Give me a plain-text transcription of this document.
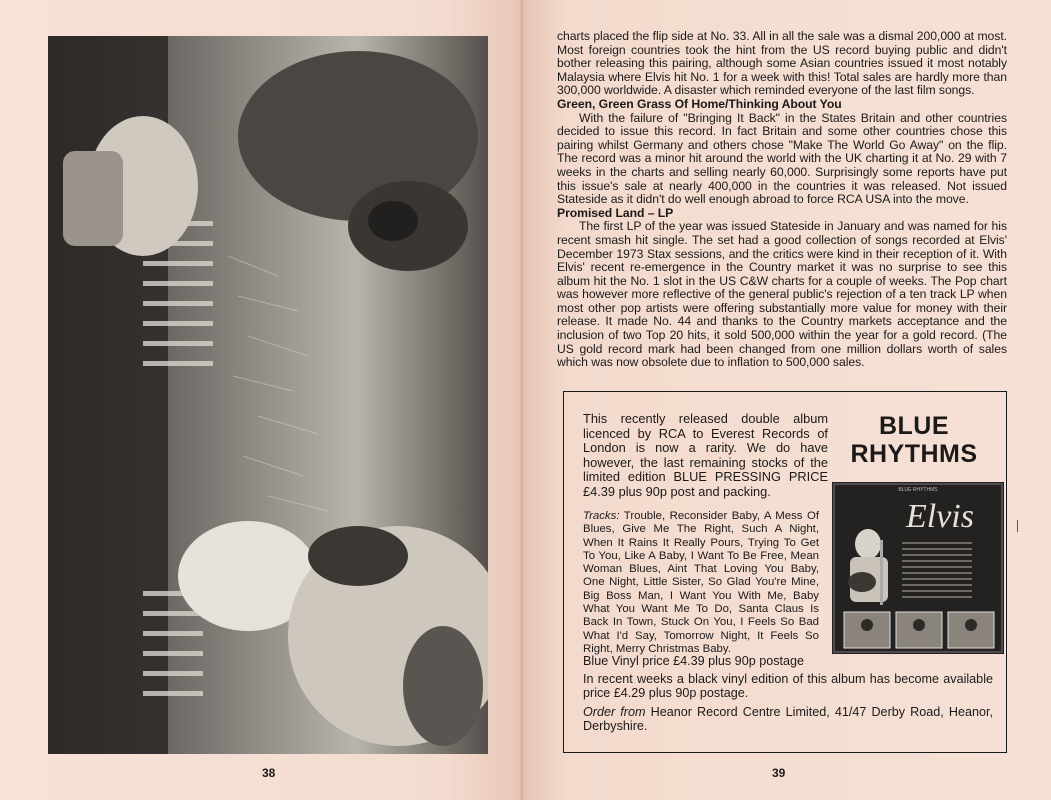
38

charts placed the flip side at No. 33. All in all the sale was a dismal 200,000 at most. Most foreign countries took the hint from the US record buying public and didn't bother releasing this pairing, although some Asian countries issued it most notably Malaysia where Elvis hit No. 1 for a week with this! Total sales are hardly more than 300,000 worldwide. A disaster which reminded everyone of the last film songs.

Green, Green Grass Of Home/Thinking About You

With the failure of "Bringing It Back" in the States Britain and other countries decided to issue this record. In fact Britain and some other countries chose this pairing whilst Germany and others chose "Make The World Go Away" on the flip. The record was a minor hit around the world with the UK charting it at No. 29 with 7 weeks in the charts and selling nearly 60,000. Surprisingly some reports have put this issue's sale at nearly 400,000 in the countries it was released. Not issued Stateside as it didn't do well enough abroad to force RCA USA into the move.

Promised Land – LP

The first LP of the year was issued Stateside in January and was named for his recent smash hit single. The set had a good collection of songs recorded at Elvis' December 1973 Stax sessions, and the critics were kind in their reception of it. With Elvis' recent re-emergence in the Country market it was no surprise to see this album hit the No. 1 slot in the US C&W charts for a couple of weeks. The Pop chart was however more reflective of the general public's rejection of a ten track LP when most other pop artists were offering substantially more value for money with their release. It made No. 44 and thanks to the Country markets acceptance and the inclusion of two Top 20 hits, it sold 500,000 within the year for a gold record. (The US gold record mark had been changed from one million dollars worth of sales which was now obsolete due to inflation to 500,000 sales.

This recently released double album licenced by RCA to Everest Records of London is now a rarity. We do have however, the last remaining stocks of the limited edition BLUE PRESSING PRICE £4.39 plus 90p post and packing.

BLUE
RHYTHMS
BLUE RHYTHMS
Elvis

Tracks: Trouble, Reconsider Baby, A Mess Of Blues, Give Me The Right, Such A Night, When It Rains It Really Pours, Trying To Get To You, Like A Baby, I Want To Be Free, Mean Woman Blues, Aint That Loving You Baby, One Night, Little Sister, So Glad You're Mine, Big Boss Man, I Want You With Me, Baby What You Want Me To Do, Santa Claus Is Back In Town, Stuck On You, I Feels So Bad What I'd Say, Tomorrow Night, It Feels So Right, Merry Christmas Baby.

Blue Vinyl price £4.39 plus 90p postage

In recent weeks a black vinyl edition of this album has become available price £4.29 plus 90p postage.

Order from Heanor Record Centre Limited, 41/47 Derby Road, Heanor, Derbyshire.

39
